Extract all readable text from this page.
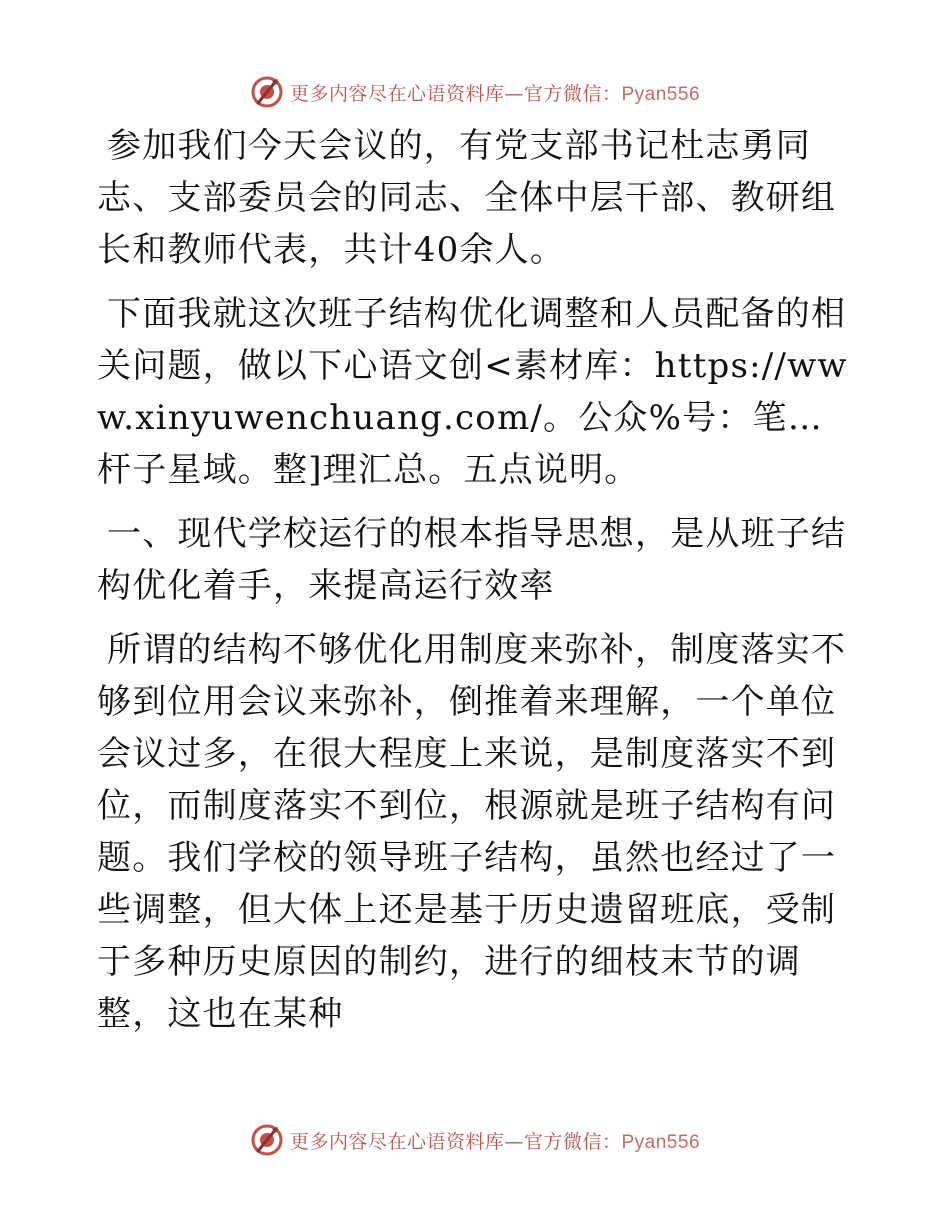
更多内容尽在心语资料库—官方微信：Pyan556

参加我们今天会议的，有党支部书记杜志勇同志、支部委员会的同志、全体中层干部、教研组长和教师代表，共计40余人。

下面我就这次班子结构优化调整和人员配备的相关问题，做以下心语文创<素材库：https://www.xinyuwenchuang.com/。公众%号：笔…杆子星域。整]理汇总。五点说明。

一、现代学校运行的根本指导思想，是从班子结构优化着手，来提高运行效率

所谓的结构不够优化用制度来弥补，制度落实不够到位用会议来弥补，倒推着来理解，一个单位会议过多，在很大程度上来说，是制度落实不到位，而制度落实不到位，根源就是班子结构有问题。我们学校的领导班子结构，虽然也经过了一些调整，但大体上还是基于历史遗留班底，受制于多种历史原因的制约，进行的细枝末节的调整，这也在某种

更多内容尽在心语资料库—官方微信：Pyan556
